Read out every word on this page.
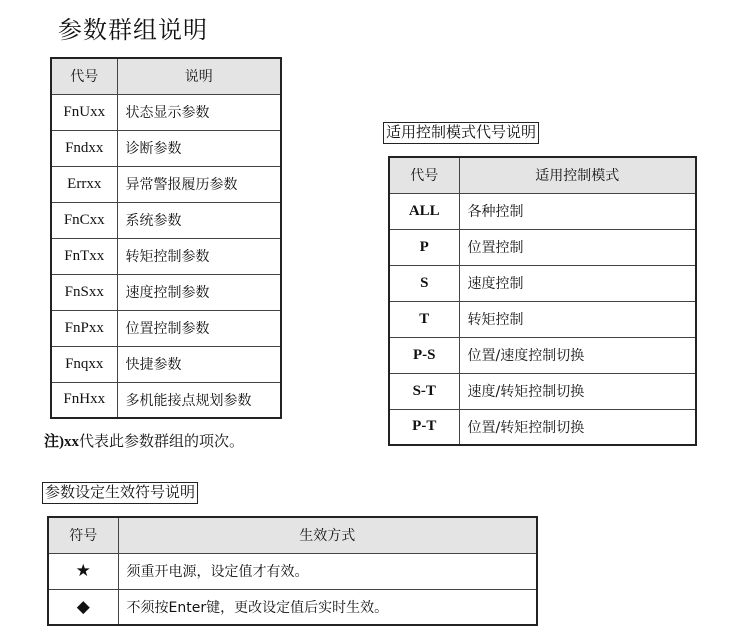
参数群组说明
代号	说明
FnUxx	状态显示参数
Fndxx	诊断参数
Errxx	异常警报履历参数
FnCxx	系统参数
FnTxx	转矩控制参数
FnSxx	速度控制参数
FnPxx	位置控制参数
Fnqxx	快捷参数
FnHxx	多机能接点规划参数
注)xx代表此参数群组的项次。
适用控制模式代号说明
代号	适用控制模式
ALL	各种控制
P	位置控制
S	速度控制
T	转矩控制
P-S	位置/速度控制切换
S-T	速度/转矩控制切换
P-T	位置/转矩控制切换
参数设定生效符号说明
符号	生效方式
★	须重开电源，设定值才有效。
◆	不须按Enter键，更改设定值后实时生效。
